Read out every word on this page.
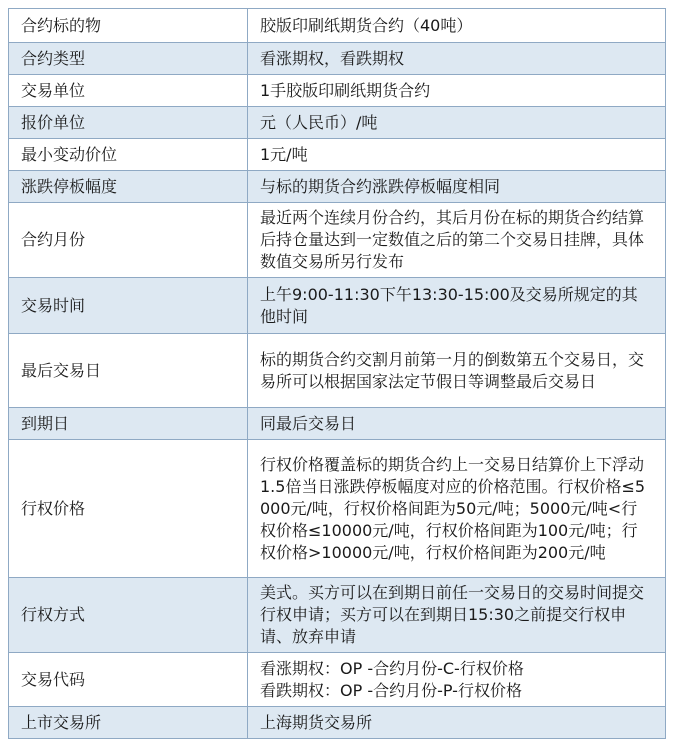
合约标的物	胶版印刷纸期货合约（40吨）
合约类型	看涨期权，看跌期权
交易单位	1手胶版印刷纸期货合约
报价单位	元（人民币）/吨
最小变动价位	1元/吨
涨跌停板幅度	与标的期货合约涨跌停板幅度相同
合约月份	最近两个连续月份合约，其后月份在标的期货合约结算后持仓量达到一定数值之后的第二个交易日挂牌，具体数值交易所另行发布
交易时间	上午9:00-11:30下午13:30-15:00及交易所规定的其他时间
最后交易日	标的期货合约交割月前第一月的倒数第五个交易日，交易所可以根据国家法定节假日等调整最后交易日
到期日	同最后交易日
行权价格	行权价格覆盖标的期货合约上一交易日结算价上下浮动1.5倍当日涨跌停板幅度对应的价格范围。行权价格≤5000元/吨，行权价格间距为50元/吨；5000元/吨<行权价格≤10000元/吨，行权价格间距为100元/吨；行权价格>10000元/吨，行权价格间距为200元/吨
行权方式	美式。买方可以在到期日前任一交易日的交易时间提交行权申请；买方可以在到期日15:30之前提交行权申请、放弃申请
交易代码	看涨期权：OP -合约月份-C-行权价格
看跌期权：OP -合约月份-P-行权价格
上市交易所	上海期货交易所
